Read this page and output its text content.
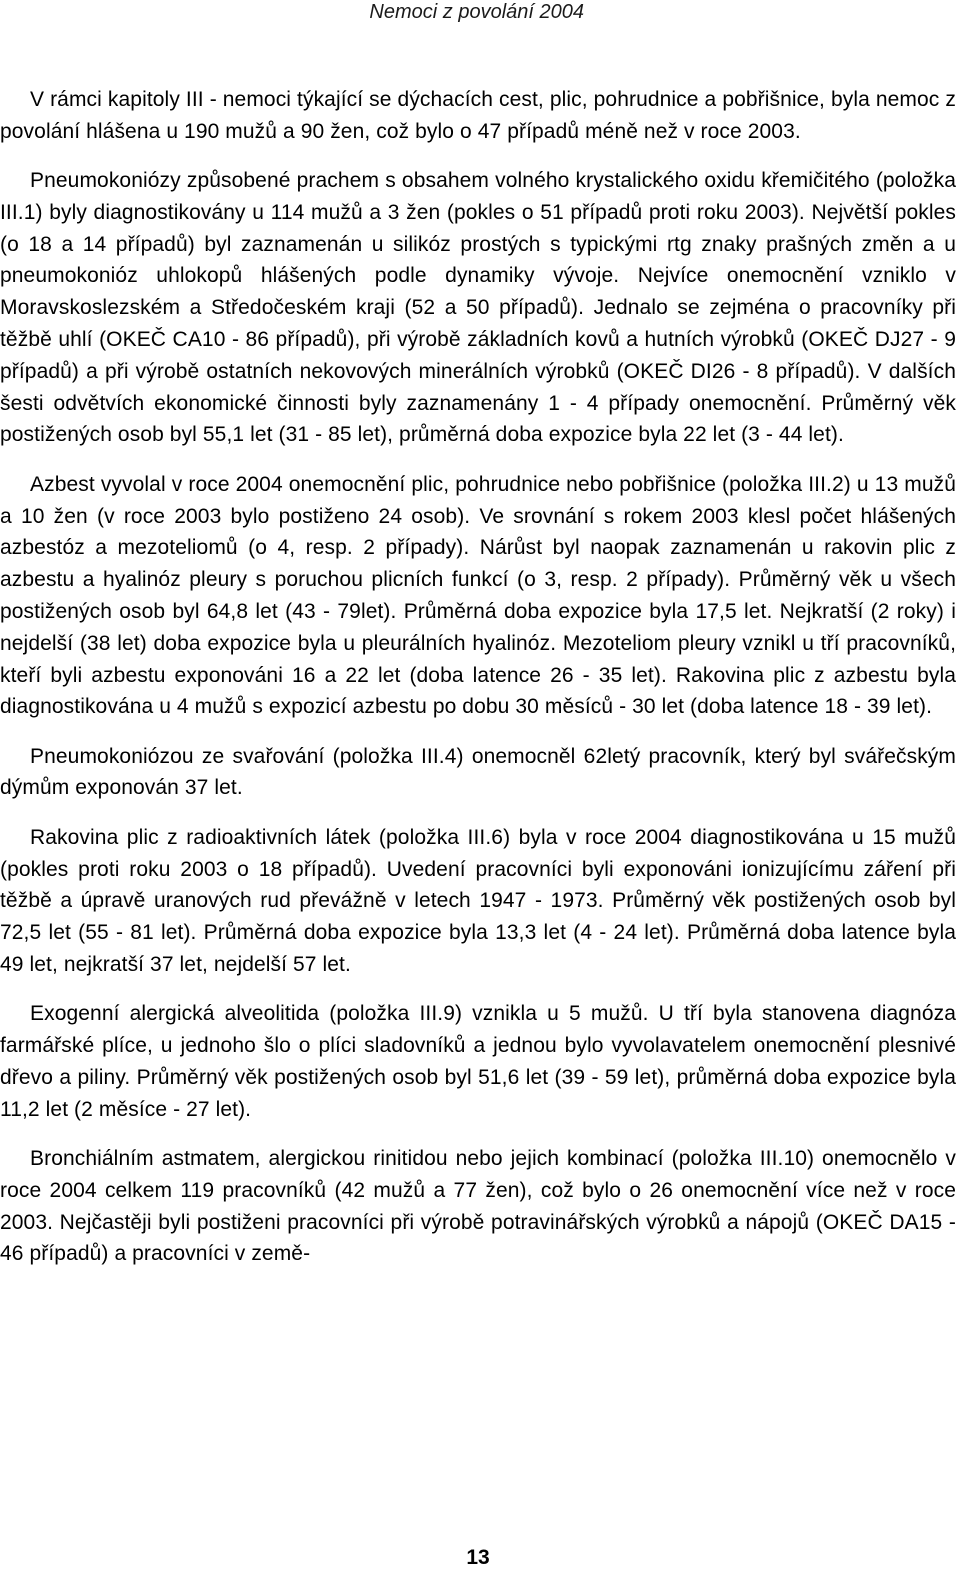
Nemoci z povolání 2004

V rámci kapitoly III - nemoci týkající se dýchacích cest, plic, pohrudnice a pobřišnice, byla nemoc z povolání hlášena u 190 mužů a 90 žen, což bylo o 47 případů méně než v roce 2003.

Pneumokoniózy způsobené prachem s obsahem volného krystalického oxidu křemičitého (položka III.1) byly diagnostikovány u 114 mužů a 3 žen (pokles o 51 případů proti roku 2003). Největší pokles (o 18 a 14 případů) byl zaznamenán u silikóz prostých s typickými rtg znaky prašných změn a u pneumokonióz uhlokopů hlášených podle dynamiky vývoje. Nejvíce onemocnění vzniklo v Moravskoslezském a Středočeském kraji (52 a 50 případů). Jednalo se zejména o pracovníky při těžbě uhlí (OKEČ CA10 - 86 případů), při výrobě základních kovů a hutních výrobků (OKEČ DJ27 - 9 případů) a při výrobě ostatních nekovových minerálních výrobků (OKEČ DI26 - 8 případů). V dalších šesti odvětvích ekonomické činnosti byly zaznamenány 1 - 4 případy onemocnění. Průměrný věk postižených osob byl 55,1 let (31 - 85 let), průměrná doba expozice byla 22 let (3 - 44 let).

Azbest vyvolal v roce 2004 onemocnění plic, pohrudnice nebo pobřišnice (položka III.2) u 13 mužů a 10 žen (v roce 2003 bylo postiženo 24 osob). Ve srovnání s rokem 2003 klesl počet hlášených azbestóz a mezoteliomů (o 4, resp. 2 případy). Nárůst byl naopak zaznamenán u rakovin plic z azbestu a hyalinóz pleury s poruchou plicních funkcí (o 3, resp. 2 případy). Průměrný věk u všech postižených osob byl 64,8 let (43 - 79let). Průměrná doba expozice byla 17,5 let. Nejkratší (2 roky) i nejdelší (38 let) doba expozice byla u pleurálních hyalinóz. Mezoteliom pleury vznikl u tří pracovníků, kteří byli azbestu exponováni 16 a 22 let (doba latence 26 - 35 let). Rakovina plic z azbestu byla diagnostikována u 4 mužů s expozicí azbestu po dobu 30 měsíců - 30 let (doba latence 18 - 39 let).

Pneumokoniózou ze svařování (položka III.4) onemocněl 62letý pracovník, který byl svářečským dýmům exponován 37 let.

Rakovina plic z radioaktivních látek (položka III.6) byla v roce 2004 diagnostikována u 15 mužů (pokles proti roku 2003 o 18 případů). Uvedení pracovníci byli exponováni ionizujícímu záření při těžbě a úpravě uranových rud převážně v letech 1947 - 1973. Průměrný věk postižených osob byl 72,5 let (55 - 81 let). Průměrná doba expozice byla 13,3 let (4 - 24 let). Průměrná doba latence byla 49 let, nejkratší 37 let, nejdelší 57 let.

Exogenní alergická alveolitida (položka III.9) vznikla u 5 mužů. U tří byla stanovena diagnóza farmářské plíce, u jednoho šlo o plíci sladovníků a jednou bylo vyvolavatelem onemocnění plesnivé dřevo a piliny. Průměrný věk postižených osob byl 51,6 let (39 - 59 let), průměrná doba expozice byla 11,2 let (2 měsíce - 27 let).

Bronchiálním astmatem, alergickou rinitidou nebo jejich kombinací (položka III.10) onemocnělo v roce 2004 celkem 119 pracovníků (42 mužů a 77 žen), což bylo o 26 onemocnění více než v roce 2003. Nejčastěji byli postiženi pracovníci při výrobě potravinářských výrobků a nápojů (OKEČ DA15 - 46 případů) a pracovníci v země-

13
